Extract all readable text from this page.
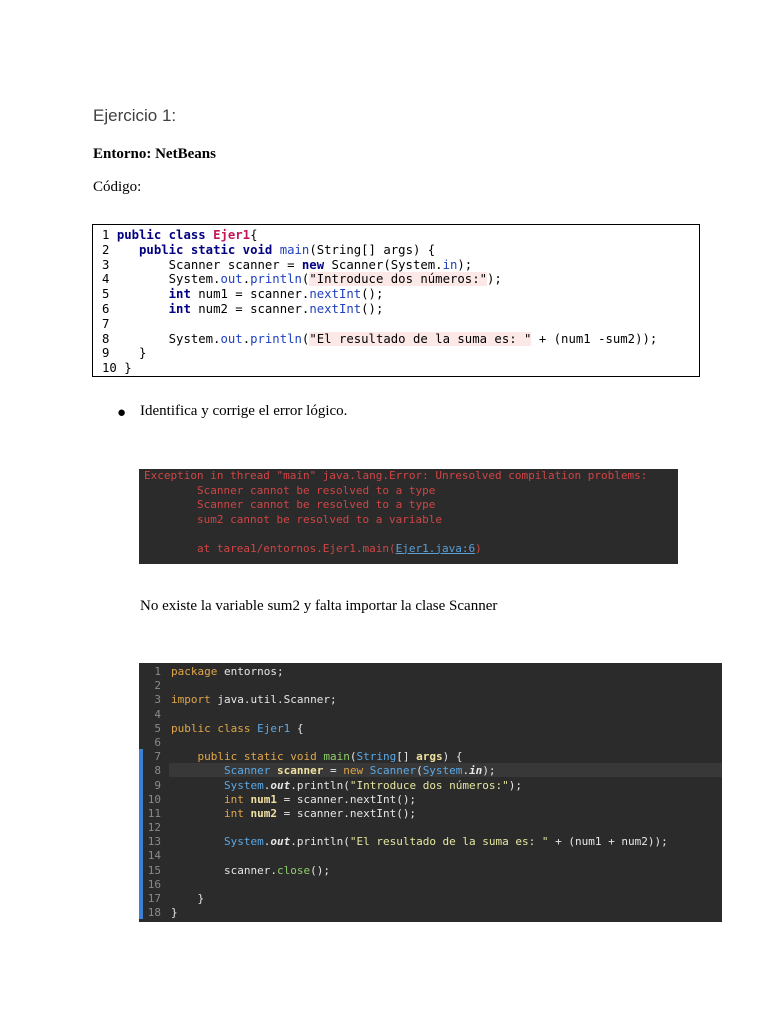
Ejercicio 1:
Entorno: NetBeans
Código:
1 public class Ejer1{
2    public static void main(String[] args) {
3        Scanner scanner = new Scanner(System.in);
4        System.out.println("Introduce dos números:");
5	int num1 = scanner.nextInt();
6	int num2 = scanner.nextInt();
7
8        System.out.println("El resultado de la suma es: " + (num1 -sum2));
9    }
10 }
● Identifica y corrige el error lógico.
Exception in thread "main" java.lang.Error: Unresolved compilation problems:
Scanner cannot be resolved to a type
Scanner cannot be resolved to a type
sum2 cannot be resolved to a variable

at tarea1/entornos.Ejer1.main(Ejer1.java:6)
No existe la variable sum2 y falta importar la clase Scanner
1
2
3
4
5
6
7
8
9
10
11
12
13
14
15
16
17
18
package entornos;

import java.util.Scanner;

public class Ejer1 {

public static void main(String[] args) {
Scanner scanner = new Scanner(System.in);
System.out.println("Introduce dos números:");
int num1 = scanner.nextInt();
int num2 = scanner.nextInt();

System.out.println("El resultado de la suma es: " + (num1 + num2));

scanner.close();

}
}
